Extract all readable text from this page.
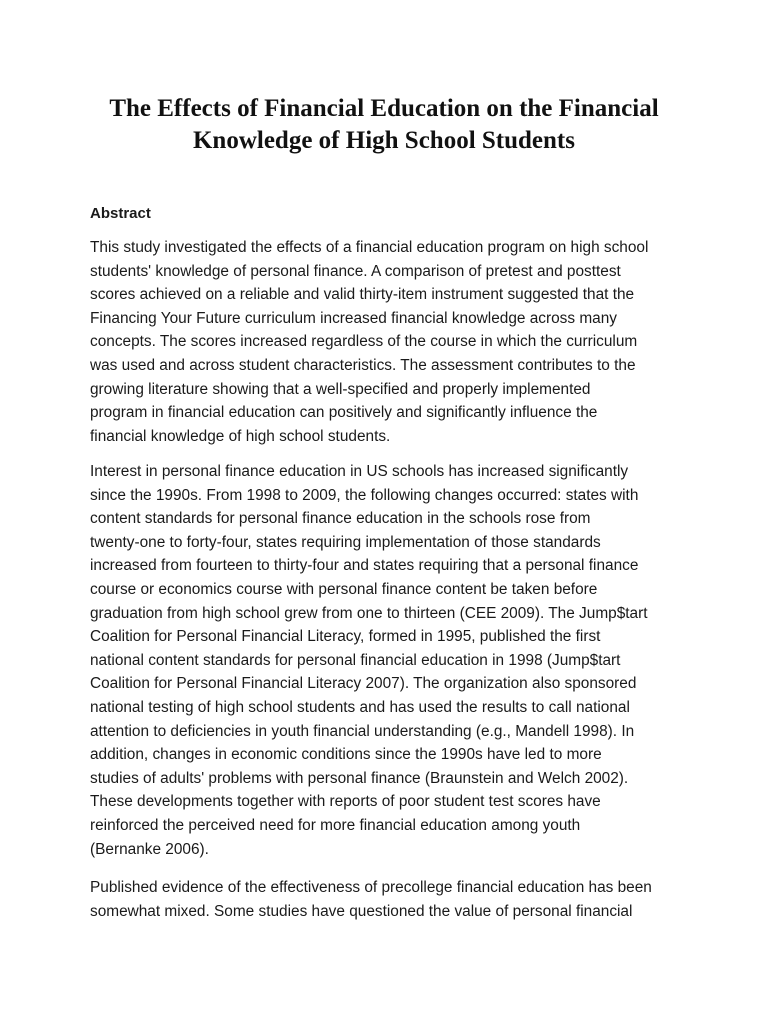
The Effects of Financial Education on the Financial
Knowledge of High School Students
Abstract
This study investigated the effects of a financial education program on high school
students' knowledge of personal finance. A comparison of pretest and posttest
scores achieved on a reliable and valid thirty-item instrument suggested that the
Financing Your Future curriculum increased financial knowledge across many
concepts. The scores increased regardless of the course in which the curriculum
was used and across student characteristics. The assessment contributes to the
growing literature showing that a well-specified and properly implemented
program in financial education can positively and significantly influence the
financial knowledge of high school students.
Interest in personal finance education in US schools has increased significantly
since the 1990s. From 1998 to 2009, the following changes occurred: states with
content standards for personal finance education in the schools rose from
twenty-one to forty-four, states requiring implementation of those standards
increased from fourteen to thirty-four and states requiring that a personal finance
course or economics course with personal finance content be taken before
graduation from high school grew from one to thirteen (CEE 2009). The Jump$tart
Coalition for Personal Financial Literacy, formed in 1995, published the first
national content standards for personal financial education in 1998 (Jump$tart
Coalition for Personal Financial Literacy 2007). The organization also sponsored
national testing of high school students and has used the results to call national
attention to deficiencies in youth financial understanding (e.g., Mandell 1998). In
addition, changes in economic conditions since the 1990s have led to more
studies of adults' problems with personal finance (Braunstein and Welch 2002).
These developments together with reports of poor student test scores have
reinforced the perceived need for more financial education among youth
(Bernanke 2006).
Published evidence of the effectiveness of precollege financial education has been
somewhat mixed. Some studies have questioned the value of personal financial
